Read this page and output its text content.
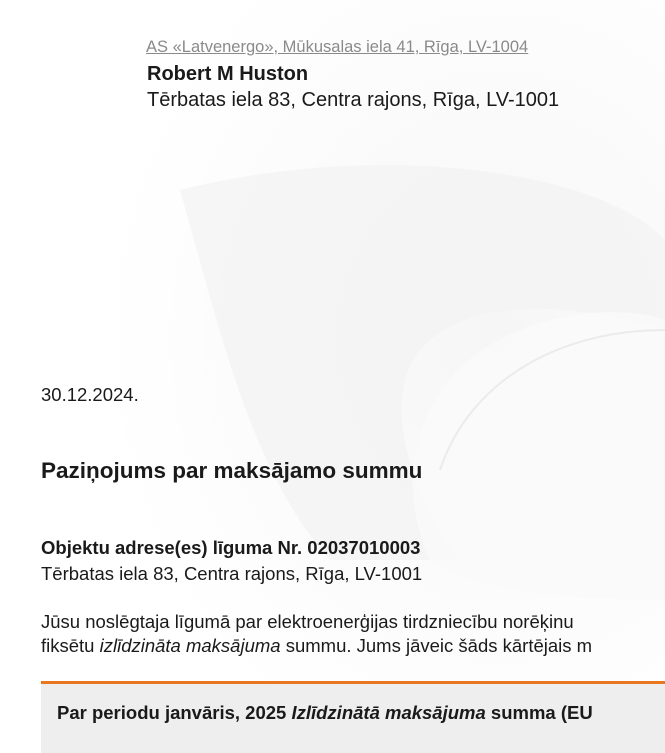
AS «Latvenergo», Mūkusalas iela 41, Rīga, LV-1004
Robert M Huston
Tērbatas iela 83, Centra rajons, Rīga, LV-1001
30.12.2024.
Paziņojums par maksājamo summu
Objektu adrese(es) līguma Nr. 02037010003
Tērbatas iela 83, Centra rajons, Rīga, LV-1001
Jūsu noslēgtaja līgumā par elektroenerģijas tirdzniecību norēķinu
fiksētu izlīdzināta maksājuma summu. Jums jāveic šāds kārtējais m
Par periodu janvāris, 2025 Izlīdzinātā maksājuma summa (EU
